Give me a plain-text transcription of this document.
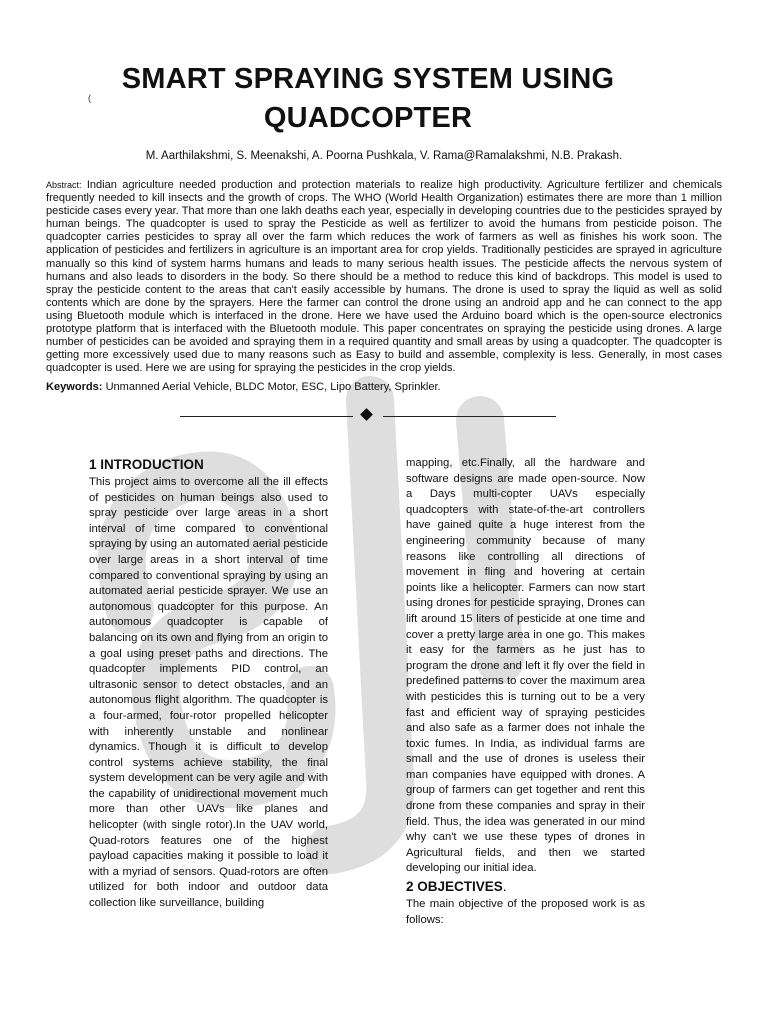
(
SMART SPRAYING SYSTEM USING QUADCOPTER

M. Aarthilakshmi, S. Meenakshi, A. Poorna Pushkala, V. Rama@Ramalakshmi, N.B. Prakash.

Abstract: Indian agriculture needed production and protection materials to realize high productivity. Agriculture fertilizer and chemicals frequently needed to kill insects and the growth of crops. The WHO (World Health Organization) estimates there are more than 1 million pesticide cases every year. That more than one lakh deaths each year, especially in developing countries due to the pesticides sprayed by human beings. The quadcopter is used to spray the Pesticide as well as fertilizer to avoid the humans from pesticide poison. The quadcopter carries pesticides to spray all over the farm which reduces the work of farmers as well as finishes his work soon. The application of pesticides and fertilizers in agriculture is an important area for crop yields. Traditionally pesticides are sprayed in agriculture manually so this kind of system harms humans and leads to many serious health issues. The pesticide affects the nervous system of humans and also leads to disorders in the body. So there should be a method to reduce this kind of backdrops. This model is used to spray the pesticide content to the areas that can't easily accessible by humans. The drone is used to spray the liquid as well as solid contents which are done by the sprayers. Here the farmer can control the drone using an android app and he can connect to the app using Bluetooth module which is interfaced in the drone. Here we have used the Arduino board which is the open-source electronics prototype platform that is interfaced with the Bluetooth module. This paper concentrates on spraying the pesticide using drones. A large number of pesticides can be avoided and spraying them in a required quantity and small areas by using a quadcopter. The quadcopter is getting more excessively used due to many reasons such as Easy to build and assemble, complexity is less. Generally, in most cases quadcopter is used. Here we are using for spraying the pesticides in the crop yields.

Keywords: Unmanned Aerial Vehicle, BLDC Motor, ESC, Lipo Battery, Sprinkler.

1 INTRODUCTION

This project aims to overcome all the ill effects of pesticides on human beings also used to spray pesticide over large areas in a short interval of time compared to conventional spraying by using an automated aerial pesticide over large areas in a short interval of time compared to conventional spraying by using an automated aerial pesticide sprayer. We use an autonomous quadcopter for this purpose. An autonomous quadcopter is capable of balancing on its own and flying from an origin to a goal using preset paths and directions. The quadcopter implements PID control, an ultrasonic sensor to detect obstacles, and an autonomous flight algorithm. The quadcopter is a four-armed, four-rotor propelled helicopter with inherently unstable and nonlinear dynamics. Though it is difficult to develop control systems achieve stability, the final system development can be very agile and with the capability of unidirectional movement much more than other UAVs like planes and helicopter (with single rotor).In the UAV world, Quad-rotors features one of the highest payload capacities making it possible to load it with a myriad of sensors. Quad-rotors are often utilized for both indoor and outdoor data collection like surveillance, building

mapping, etc.Finally, all the hardware and software designs are made open-source. Now a Days multi-copter UAVs especially quadcopters with state-of-the-art controllers have gained quite a huge interest from the engineering community because of many reasons like controlling all directions of movement in fling and hovering at certain points like a helicopter. Farmers can now start using drones for pesticide spraying, Drones can lift around 15 liters of pesticide at one time and cover a pretty large area in one go. This makes it easy for the farmers as he just has to program the drone and left it fly over the field in predefined patterns to cover the maximum area with pesticides this is turning out to be a very fast and efficient way of spraying pesticides and also safe as a farmer does not inhale the toxic fumes. In India, as individual farms are small and the use of drones is useless their man companies have equipped with drones. A group of farmers can get together and rent this drone from these companies and spray in their field. Thus, the idea was generated in our mind why can't we use these types of drones in Agricultural fields, and then we started developing our initial idea.

2 OBJECTIVES.

The main objective of the proposed work is as follows:
